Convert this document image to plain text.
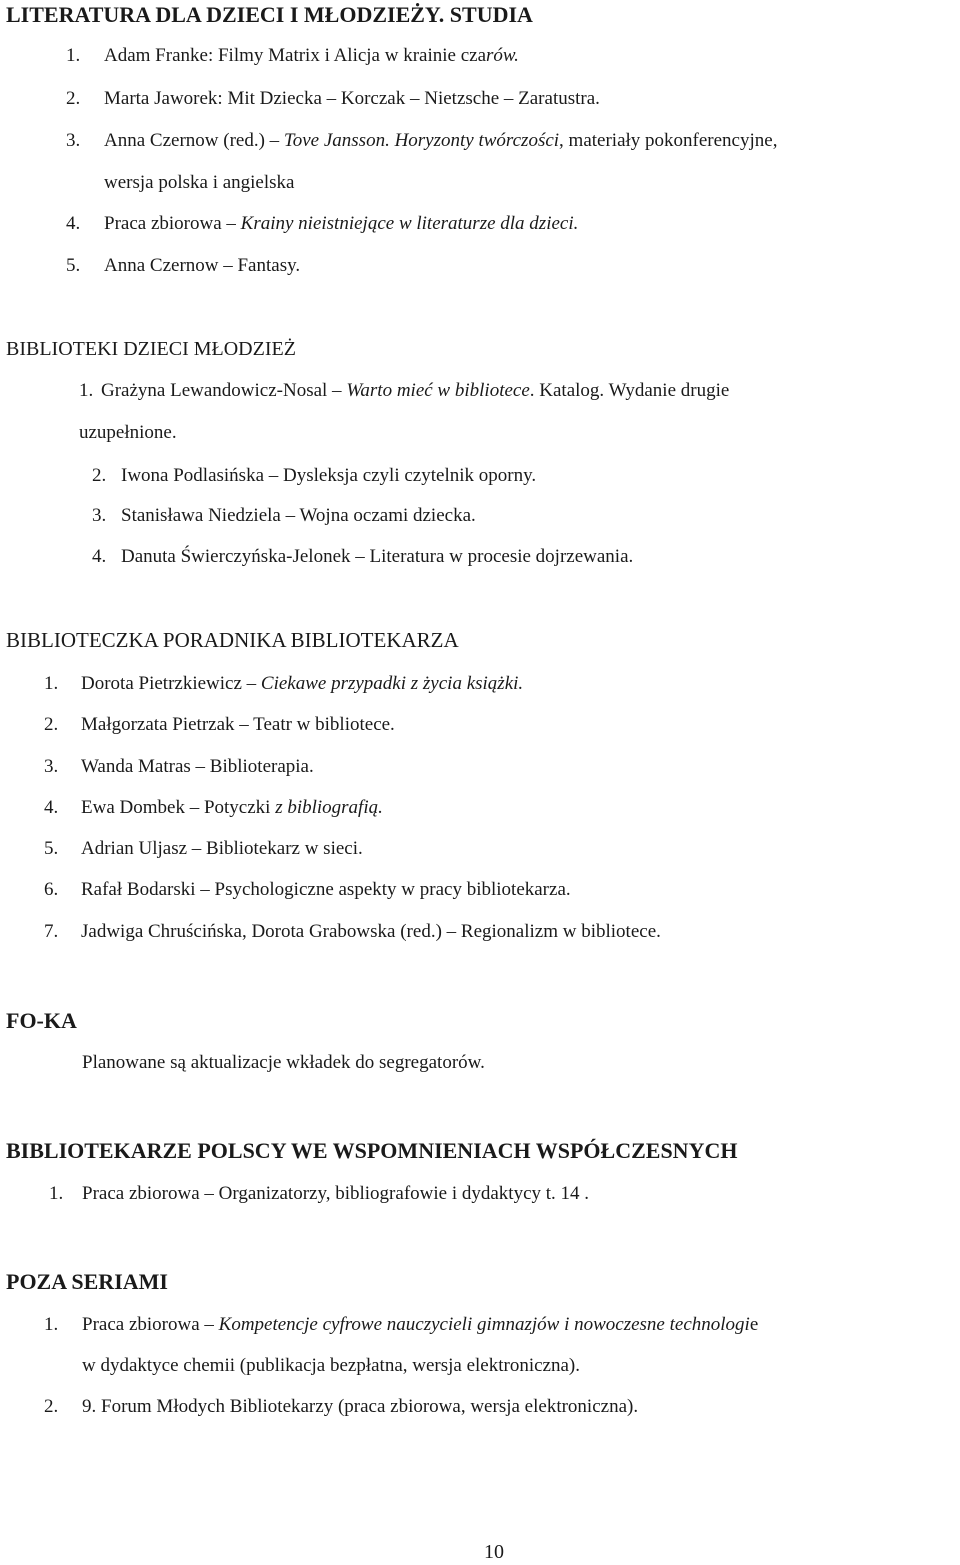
LITERATURA DLA DZIECI I MŁODZIEŻY. STUDIA
1. Adam Franke: Filmy Matrix i Alicja w krainie czarów.
2. Marta Jaworek: Mit Dziecka – Korczak – Nietzsche – Zaratustra.
3. Anna Czernow (red.) – Tove Jansson. Horyzonty twórczości, materiały pokonferencyjne,
wersja polska i angielska
4. Praca zbiorowa – Krainy nieistniejące w literaturze dla dzieci.
5. Anna Czernow – Fantasy.
BIBLIOTEKI DZIECI MŁODZIEŻ
1. Grażyna Lewandowicz-Nosal – Warto mieć w bibliotece. Katalog. Wydanie drugie
uzupełnione.
2. Iwona Podlasińska – Dysleksja czyli czytelnik oporny.
3. Stanisława Niedziela – Wojna oczami dziecka.
4. Danuta Świerczyńska-Jelonek – Literatura w procesie dojrzewania.
BIBLIOTECZKA PORADNIKA BIBLIOTEKARZA
1. Dorota Pietrzkiewicz – Ciekawe przypadki z życia książki.
2. Małgorzata Pietrzak – Teatr w bibliotece.
3. Wanda Matras – Biblioterapia.
4. Ewa Dombek – Potyczki z bibliografią.
5. Adrian Uljasz – Bibliotekarz w sieci.
6. Rafał Bodarski – Psychologiczne aspekty w pracy bibliotekarza.
7. Jadwiga Chruścińska, Dorota Grabowska (red.) – Regionalizm w bibliotece.
FO-KA
Planowane są aktualizacje wkładek do segregatorów.
BIBLIOTEKARZE POLSCY WE WSPOMNIENIACH WSPÓŁCZESNYCH
1. Praca zbiorowa – Organizatorzy, bibliografowie i dydaktycy t. 14 .
POZA SERIAMI
1. Praca zbiorowa – Kompetencje cyfrowe nauczycieli gimnazjów i nowoczesne technologie
w dydaktyce chemii (publikacja bezpłatna, wersja elektroniczna).
2. 9. Forum Młodych Bibliotekarzy (praca zbiorowa, wersja elektroniczna).
10
